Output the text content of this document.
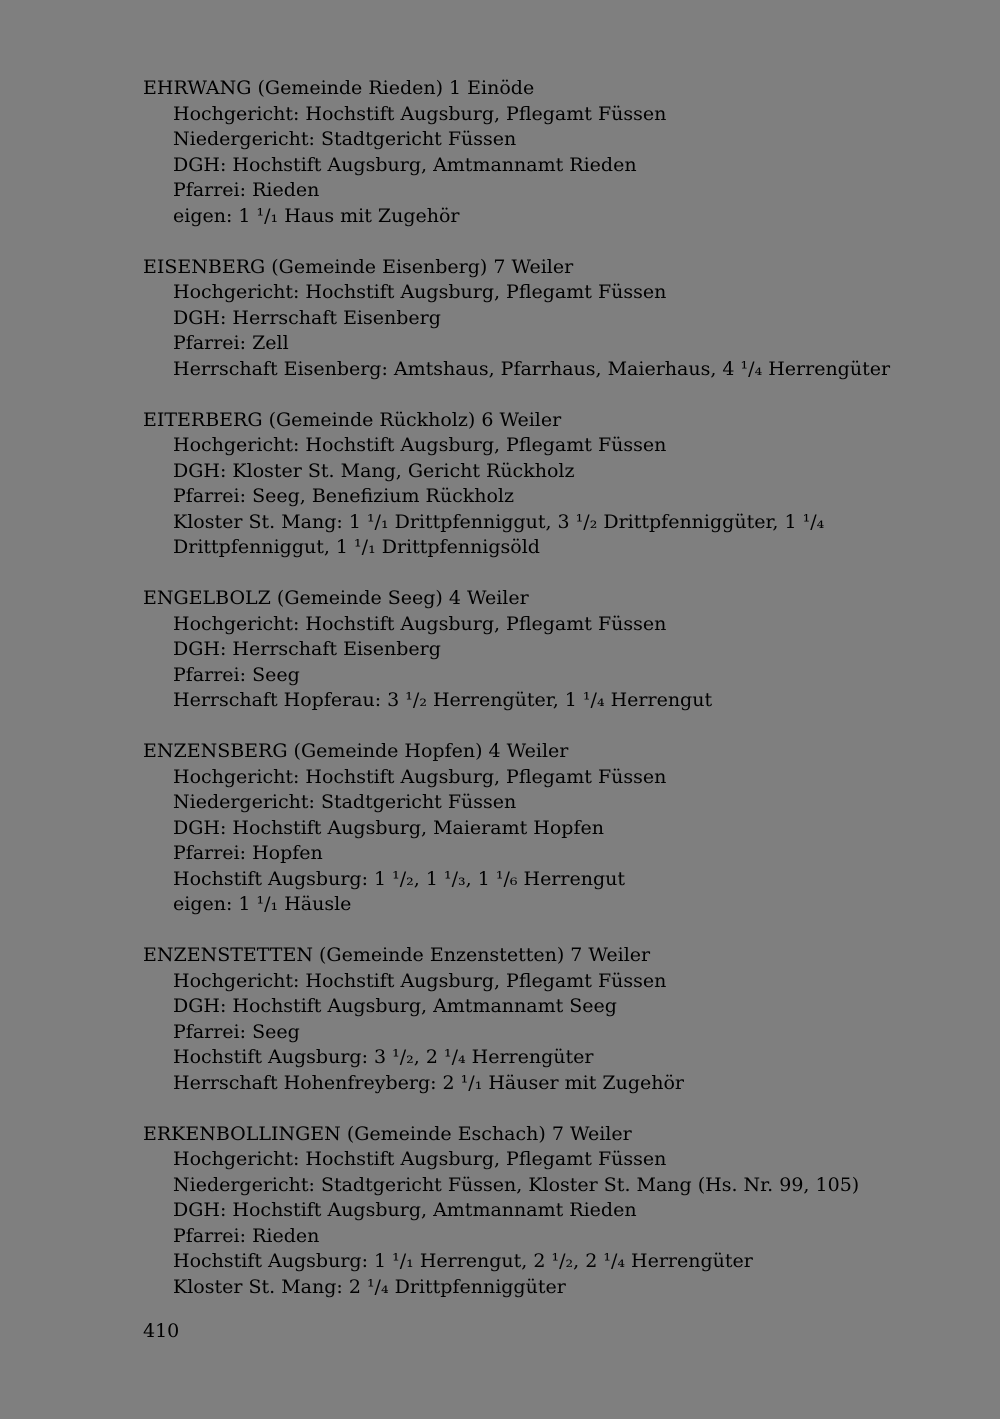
EHRWANG (Gemeinde Rieden) 1 Einöde
Hochgericht: Hochstift Augsburg, Pflegamt Füssen
Niedergericht: Stadtgericht Füssen
DGH: Hochstift Augsburg, Amtmannamt Rieden
Pfarrei: Rieden
eigen: 1 ¹/₁ Haus mit Zugehör
EISENBERG (Gemeinde Eisenberg) 7 Weiler
Hochgericht: Hochstift Augsburg, Pflegamt Füssen
DGH: Herrschaft Eisenberg
Pfarrei: Zell
Herrschaft Eisenberg: Amtshaus, Pfarrhaus, Maierhaus, 4 ¹/₄ Herrengüter
EITERBERG (Gemeinde Rückholz) 6 Weiler
Hochgericht: Hochstift Augsburg, Pflegamt Füssen
DGH: Kloster St. Mang, Gericht Rückholz
Pfarrei: Seeg, Benefizium Rückholz
Kloster St. Mang: 1 ¹/₁ Drittpfenniggut, 3 ¹/₂ Drittpfenniggüter, 1 ¹/₄
Drittpfenniggut, 1 ¹/₁ Drittpfennigsöld
ENGELBOLZ (Gemeinde Seeg) 4 Weiler
Hochgericht: Hochstift Augsburg, Pflegamt Füssen
DGH: Herrschaft Eisenberg
Pfarrei: Seeg
Herrschaft Hopferau: 3 ¹/₂ Herrengüter, 1 ¹/₄ Herrengut
ENZENSBERG (Gemeinde Hopfen) 4 Weiler
Hochgericht: Hochstift Augsburg, Pflegamt Füssen
Niedergericht: Stadtgericht Füssen
DGH: Hochstift Augsburg, Maieramt Hopfen
Pfarrei: Hopfen
Hochstift Augsburg: 1 ¹/₂, 1 ¹/₃, 1 ¹/₆ Herrengut
eigen: 1 ¹/₁ Häusle
ENZENSTETTEN (Gemeinde Enzenstetten) 7 Weiler
Hochgericht: Hochstift Augsburg, Pflegamt Füssen
DGH: Hochstift Augsburg, Amtmannamt Seeg
Pfarrei: Seeg
Hochstift Augsburg: 3 ¹/₂, 2 ¹/₄ Herrengüter
Herrschaft Hohenfreyberg: 2 ¹/₁ Häuser mit Zugehör
ERKENBOLLINGEN (Gemeinde Eschach) 7 Weiler
Hochgericht: Hochstift Augsburg, Pflegamt Füssen
Niedergericht: Stadtgericht Füssen, Kloster St. Mang (Hs. Nr. 99, 105)
DGH: Hochstift Augsburg, Amtmannamt Rieden
Pfarrei: Rieden
Hochstift Augsburg: 1 ¹/₁ Herrengut, 2 ¹/₂, 2 ¹/₄ Herrengüter
Kloster St. Mang: 2 ¹/₄ Drittpfenniggüter
410
